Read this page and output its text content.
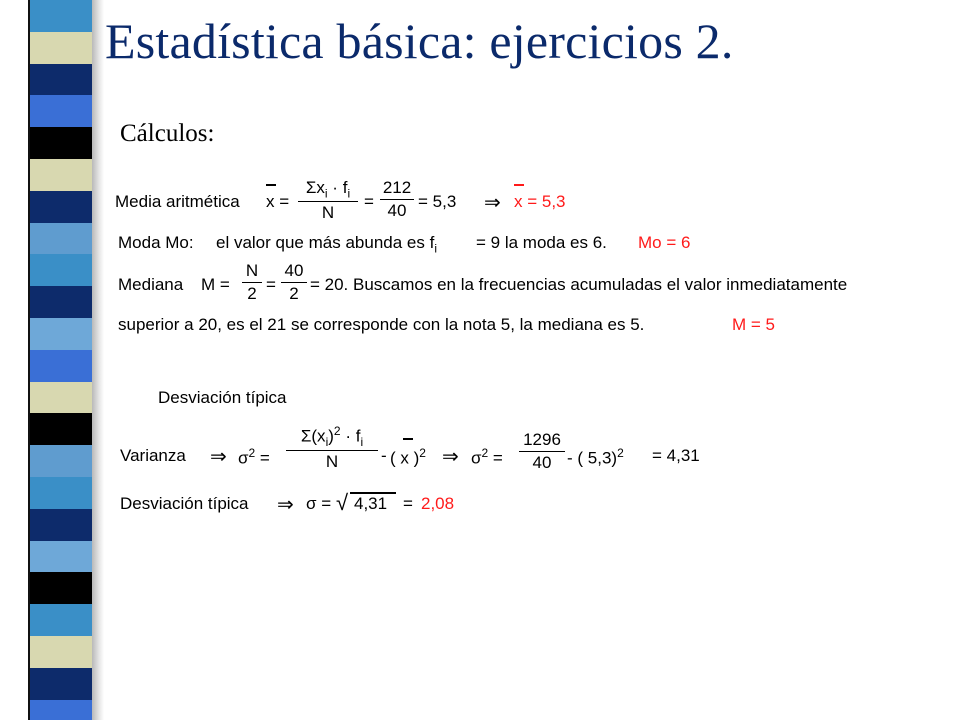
Estadística básica: ejercicios 2.
Cálculos:
Media aritmética x =
$\Sigma x_i \cdot f_i$
N
= $\frac{212}{40} = 5,3$ ⇒ x = 5,3
Moda Mo: el valor que más abunda es $f_i = 9$ la moda es 6. Mo = 6
Mediana $M = \frac{N}{2} = \frac{40}{2} = 20$. Buscamos en la frecuencias acumuladas el valor inmediatamente
superior a 20, es el 21 se corresponde con la nota 5, la mediana es 5.	M = 5
Desviación típica
Varianza ⇒ $\sigma^2 = \frac{\Sigma(x_i)^2 \cdot f_i}{N}$ - ( x )$^2$ ⇒ $\sigma^2 = \frac{1296}{40}$ - ( 5,3)$^2$ = 4,31
Desviación típica ⇒ σ = √ 4,31 = 2,08
